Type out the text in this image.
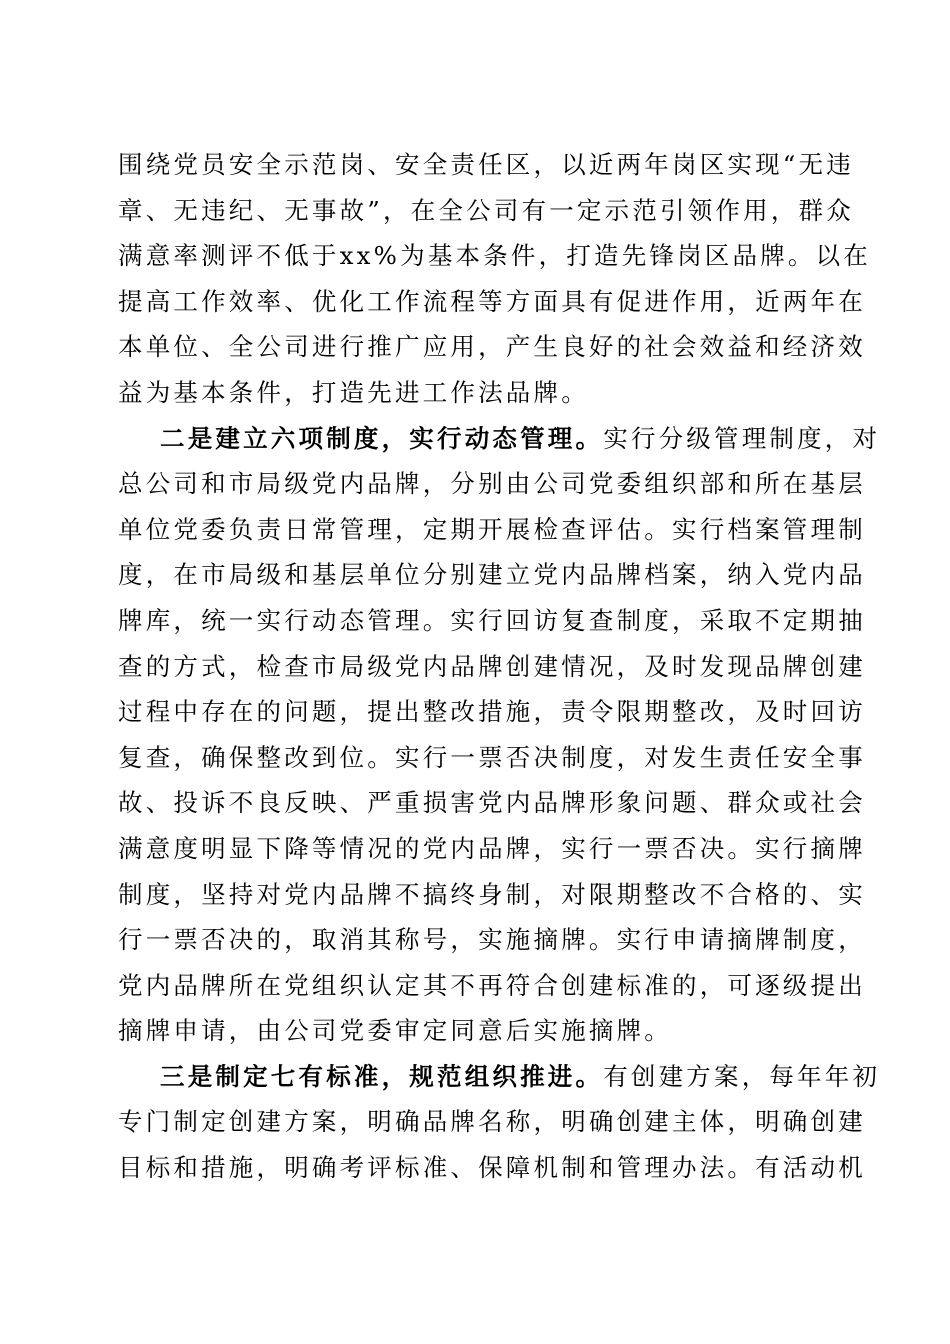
围绕党员安全示范岗、安全责任区，以近两年岗区实现“无违
章、无违纪、无事故”，在全公司有一定示范引领作用，群众
满意率测评不低于xx%为基本条件，打造先锋岗区品牌。以在
提高工作效率、优化工作流程等方面具有促进作用，近两年在
本单位、全公司进行推广应用，产生良好的社会效益和经济效
益为基本条件，打造先进工作法品牌。
二是建立六项制度，实行动态管理。实行分级管理制度，对
总公司和市局级党内品牌，分别由公司党委组织部和所在基层
单位党委负责日常管理，定期开展检查评估。实行档案管理制
度，在市局级和基层单位分别建立党内品牌档案，纳入党内品
牌库，统一实行动态管理。实行回访复查制度，采取不定期抽
查的方式，检查市局级党内品牌创建情况，及时发现品牌创建
过程中存在的问题，提出整改措施，责令限期整改，及时回访
复查，确保整改到位。实行一票否决制度，对发生责任安全事
故、投诉不良反映、严重损害党内品牌形象问题、群众或社会
满意度明显下降等情况的党内品牌，实行一票否决。实行摘牌
制度，坚持对党内品牌不搞终身制，对限期整改不合格的、实
行一票否决的，取消其称号，实施摘牌。实行申请摘牌制度，
党内品牌所在党组织认定其不再符合创建标准的，可逐级提出
摘牌申请，由公司党委审定同意后实施摘牌。
三是制定七有标准，规范组织推进。有创建方案，每年年初
专门制定创建方案，明确品牌名称，明确创建主体，明确创建
目标和措施，明确考评标准、保障机制和管理办法。有活动机
